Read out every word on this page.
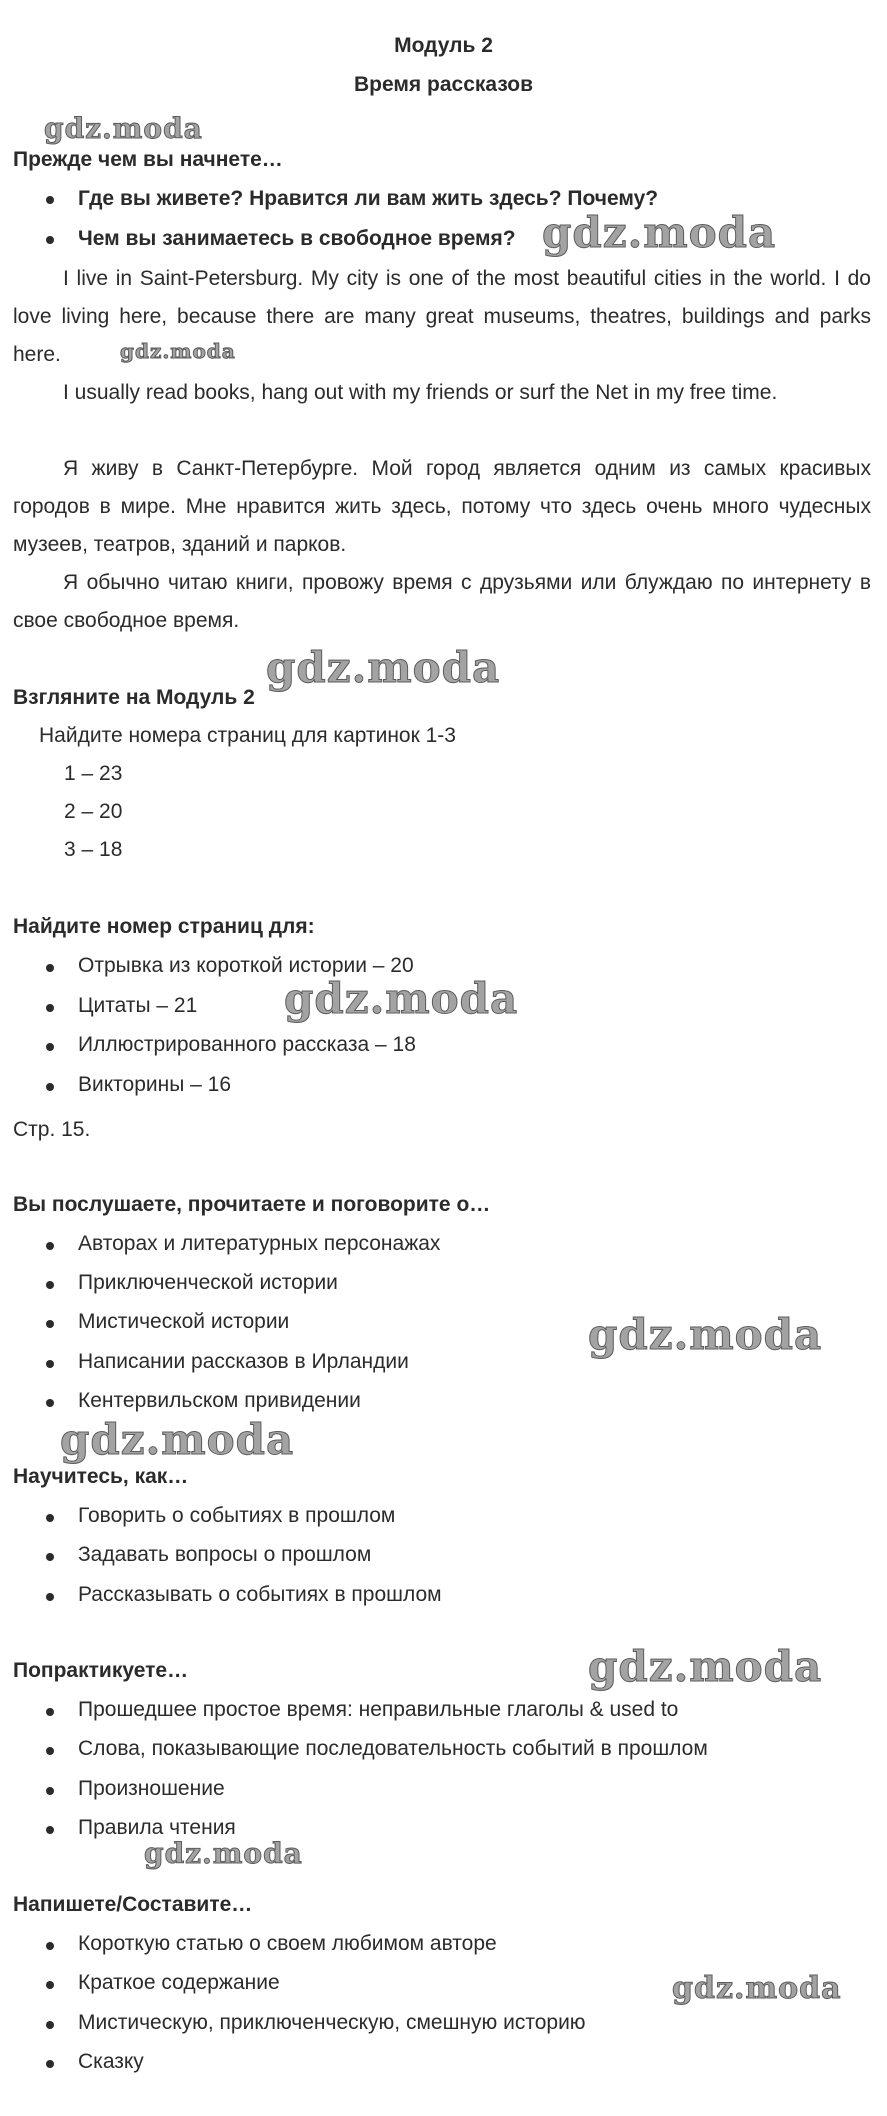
Модуль 2
Время рассказов
Прежде чем вы начнете…
Где вы живете? Нравится ли вам жить здесь? Почему?
Чем вы занимаетесь в свободное время?

I live in Saint-Petersburg. My city is one of the most beautiful cities in the world. I do love living here, because there are many great museums, theatres, buildings and parks here.

I usually read books, hang out with my friends or surf the Net in my free time.

Я живу в Санкт-Петербурге. Мой город является одним из самых красивых городов в мире. Мне нравится жить здесь, потому что здесь очень много чудесных музеев, театров, зданий и парков.

Я обычно читаю книги, провожу время с друзьями или блуждаю по интернету в свое свободное время.

Взгляните на Модуль 2
Найдите номера страниц для картинок 1-3
1 – 23
2 – 20
3 – 18
Найдите номер страниц для:
Отрывка из короткой истории – 20
Цитаты – 21
Иллюстрированного рассказа – 18
Викторины – 16
Стр. 15.
Вы послушаете, прочитаете и поговорите о…
Авторах и литературных персонажах
Приключенческой истории
Мистической истории
Написании рассказов в Ирландии
Кентервильском привидении
Научитесь, как…
Говорить о событиях в прошлом
Задавать вопросы о прошлом
Рассказывать о событиях в прошлом
Попрактикуете…
Прошедшее простое время: неправильные глаголы & used to
Слова, показывающие последовательность событий в прошлом
Произношение
Правила чтения
Напишете/Составите…
Короткую статью о своем любимом авторе
Краткое содержание
Мистическую, приключенческую, смешную историю
Сказку
gdz.moda
gdz.moda
gdz.moda
gdz.moda
gdz.moda
gdz.moda
gdz.moda
gdz.moda
gdz.moda
gdz.moda
